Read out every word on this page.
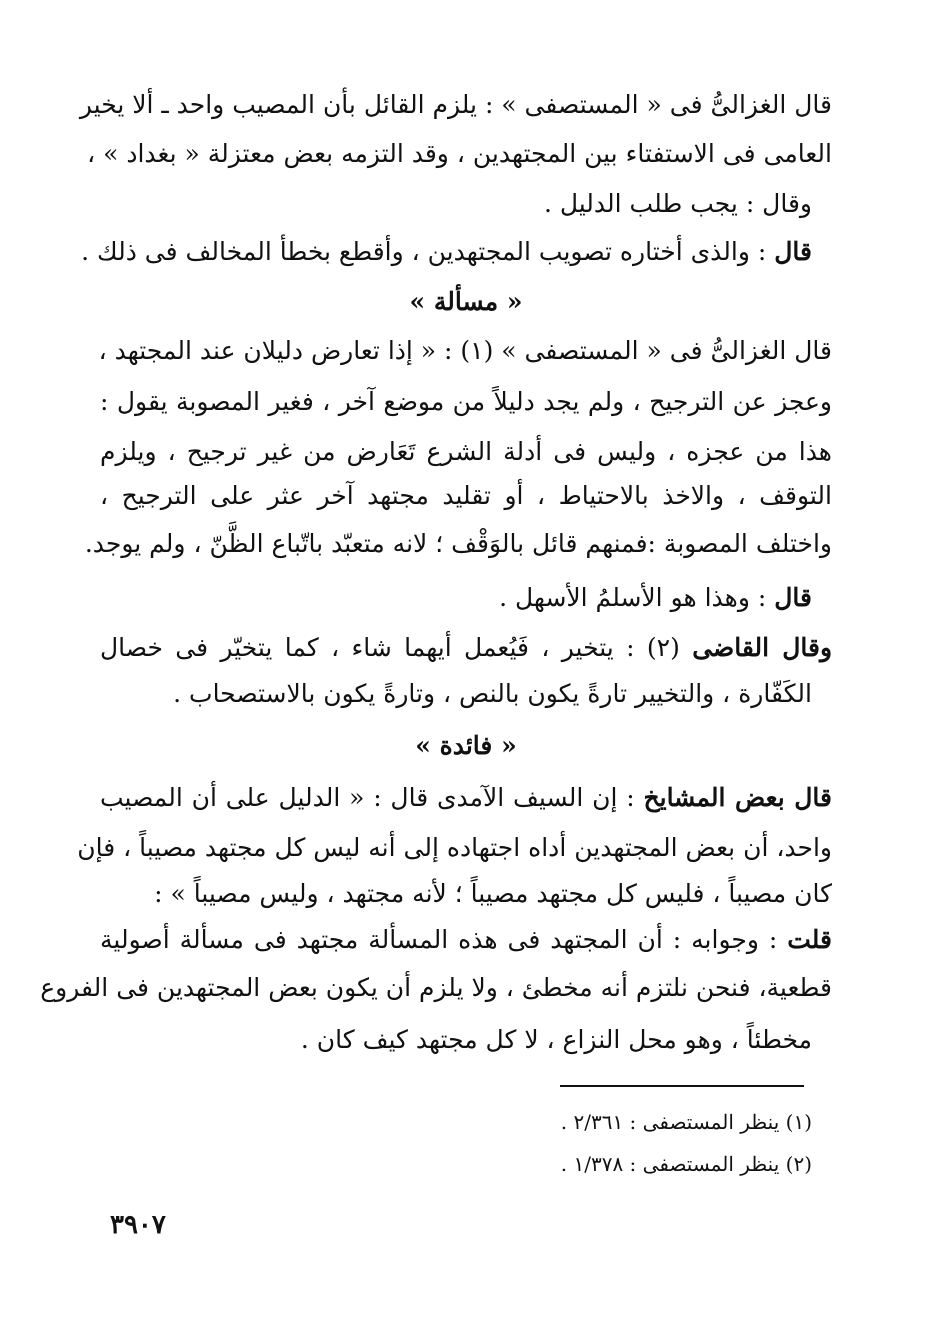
قال الغزالىُّ فى « المستصفى » : يلزم القائل بأن المصيب واحد ـ ألا يخير
العامى فى الاستفتاء بين المجتهدين ، وقد التزمه بعض معتزلة « بغداد » ،
وقال : يجب طلب الدليل .
قال : والذى أختاره تصويب المجتهدين ، وأقطع بخطأ المخالف فى ذلك .
« مسألة »
قال الغزالىُّ فى « المستصفى » (١) : « إذا تعارض دليلان عند المجتهد ،
وعجز عن الترجيح ، ولم يجد دليلاً من موضع آخر ، فغير المصوبة يقول :
هذا من عجزه ، وليس فى أدلة الشرع تَعَارض من غير ترجيح ، ويلزم
التوقف ، والاخذ بالاحتياط ، أو تقليد مجتهد آخر عثر على الترجيح ،
واختلف المصوبة :فمنهم قائل بالوَقْف ؛ لانه متعبّد باتّباع الظَّنّ ، ولم يوجد.
قال : وهذا هو الأسلمُ الأسهل .
وقال القاضى (٢) : يتخير ، فَيُعمل أيهما شاء ، كما يتخيّر فى خصال
الكَفّارة ، والتخيير تارةً يكون بالنص ، وتارةً يكون بالاستصحاب .
« فائدة »
قال بعض المشايخ : إن السيف الآمدى قال : « الدليل على أن المصيب
واحد، أن بعض المجتهدين أداه اجتهاده إلى أنه ليس كل مجتهد مصيباً ، فإن
كان مصيباً ، فليس كل مجتهد مصيباً ؛ لأنه مجتهد ، وليس مصيباً » :
قلت : وجوابه : أن المجتهد فى هذه المسألة مجتهد فى مسألة أصولية
قطعية، فنحن نلتزم أنه مخطئ ، ولا يلزم أن يكون بعض المجتهدين فى الفروع
مخطئاً ، وهو محل النزاع ، لا كل مجتهد كيف كان .
(١) ينظر المستصفى : ٢/٣٦١ .
(٢) ينظر المستصفى : ١/٣٧٨ .
٣٩٠٧
